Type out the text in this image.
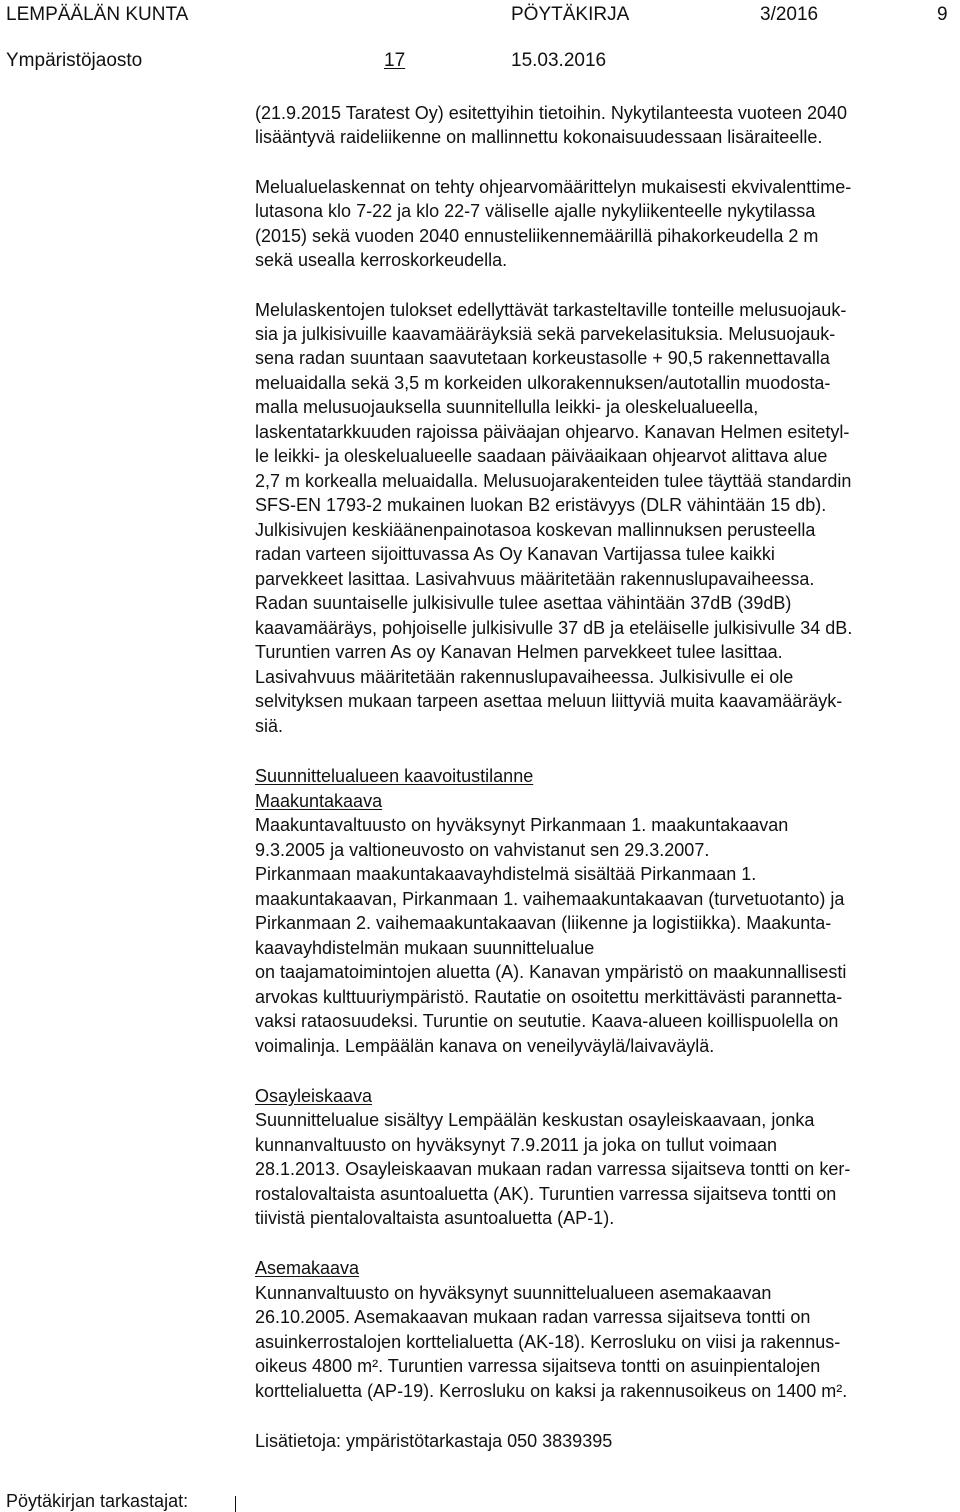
LEMPÄÄLÄN KUNTA	PÖYTÄKIRJA	3/2016	9
Ympäristöjaosto	17	15.03.2016
(21.9.2015 Taratest Oy) esitettyihin tietoihin. Nykytilanteesta vuoteen 2040
lisääntyvä raideliikenne on mallinnettu kokonaisuudessaan lisäraiteelle.
Melualuelaskennat on tehty ohjearvomäärittelyn mukaisesti ekvivalenttime-
lutasona klo 7-22 ja klo 22-7 väliselle ajalle nykyliikenteelle nykytilassa
(2015) sekä vuoden 2040 ennusteliikennemäärillä pihakorkeudella 2 m
sekä usealla kerroskorkeudella.
Melulaskentojen tulokset edellyttävät tarkasteltaville tonteille melusuojauk-
sia ja julkisivuille kaavamääräyksiä sekä parvekelasituksia. Melusuojauk-
sena radan suuntaan saavutetaan korkeustasolle + 90,5 rakennettavalla
meluaidalla sekä 3,5 m korkeiden ulkorakennuksen/autotallin muodosta-
malla melusuojauksella suunnitellulla leikki- ja oleskelualueella,
laskentatarkkuuden rajoissa päiväajan ohjearvo. Kanavan Helmen esitetyl-
le leikki- ja oleskelualueelle saadaan päiväaikaan ohjearvot alittava alue
2,7 m korkealla meluaidalla. Melusuojarakenteiden tulee täyttää standardin
SFS-EN 1793-2 mukainen luokan B2 eristävyys (DLR vähintään 15 db).
Julkisivujen keskiäänenpainotasoa koskevan mallinnuksen perusteella
radan varteen sijoittuvassa As Oy Kanavan Vartijassa tulee kaikki
parvekkeet lasittaa. Lasivahvuus määritetään rakennuslupavaiheessa.
Radan suuntaiselle julkisivulle tulee asettaa vähintään 37dB (39dB)
kaavamääräys, pohjoiselle julkisivulle 37 dB ja eteläiselle julkisivulle 34 dB.
Turuntien varren As oy Kanavan Helmen parvekkeet tulee lasittaa.
Lasivahvuus määritetään rakennuslupavaiheessa. Julkisivulle ei ole
selvityksen mukaan tarpeen asettaa meluun liittyviä muita kaavamääräyk-
siä.
Suunnittelualueen kaavoitustilanne
Maakuntakaava
Maakuntavaltuusto on hyväksynyt Pirkanmaan 1. maakuntakaavan
9.3.2005 ja valtioneuvosto on vahvistanut sen 29.3.2007.
Pirkanmaan maakuntakaavayhdistelmä sisältää Pirkanmaan 1.
maakuntakaavan, Pirkanmaan 1. vaihemaakuntakaavan (turvetuotanto) ja
Pirkanmaan 2. vaihemaakuntakaavan (liikenne ja logistiikka). Maakunta-
kaavayhdistelmän mukaan suunnittelualue
on taajamatoimintojen aluetta (A). Kanavan ympäristö on maakunnallisesti
arvokas kulttuuriympäristö. Rautatie on osoitettu merkittävästi parannetta-
vaksi rataosuudeksi. Turuntie on seututie. Kaava-alueen koillispuolella on
voimalinja. Lempäälän kanava on veneilyväylä/laivaväylä.
Osayleiskaava
Suunnittelualue sisältyy Lempäälän keskustan osayleiskaavaan, jonka
kunnanvaltuusto on hyväksynyt 7.9.2011 ja joka on tullut voimaan
28.1.2013. Osayleiskaavan mukaan radan varressa sijaitseva tontti on ker-
rostalovaltaista asuntoaluetta (AK). Turuntien varressa sijaitseva tontti on
tiivistä pientalovaltaista asuntoaluetta (AP-1).
Asemakaava
Kunnanvaltuusto on hyväksynyt suunnittelualueen asemakaavan
26.10.2005. Asemakaavan mukaan radan varressa sijaitseva tontti on
asuinkerrostalojen korttelialuetta (AK-18). Kerrosluku on viisi ja rakennus-
oikeus 4800 m². Turuntien varressa sijaitseva tontti on asuinpientalojen
korttelialuetta (AP-19). Kerrosluku on kaksi ja rakennusoikeus on 1400 m².
Lisätietoja: ympäristötarkastaja 050 3839395
Pöytäkirjan tarkastajat:
